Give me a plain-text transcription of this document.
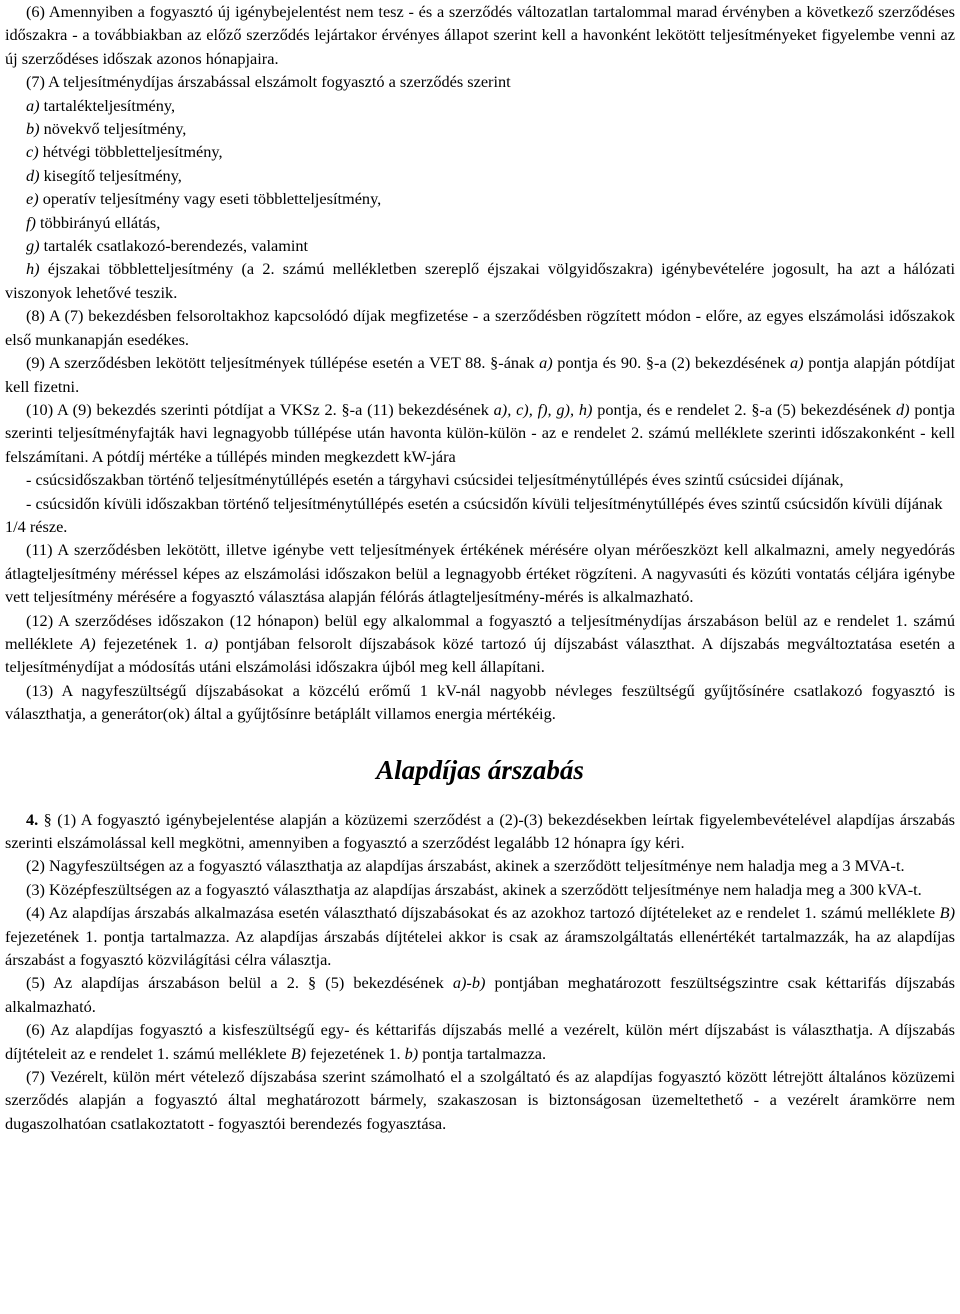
(6) Amennyiben a fogyasztó új igénybejelentést nem tesz - és a szerződés változatlan tartalommal marad érvényben a következő szerződéses időszakra - a továbbiakban az előző szerződés lejártakor érvényes állapot szerint kell a havonként lekötött teljesítményeket figyelembe venni az új szerződéses időszak azonos hónapjaira.

(7) A teljesítménydíjas árszabással elszámolt fogyasztó a szerződés szerint

a) tartalékteljesítmény,
b) növekvő teljesítmény,
c) hétvégi többletteljesítmény,
d) kisegítő teljesítmény,
e) operatív teljesítmény vagy eseti többletteljesítmény,
f) többirányú ellátás,
g) tartalék csatlakozó-berendezés, valamint

h) éjszakai többletteljesítmény (a 2. számú mellékletben szereplő éjszakai völgyidőszakra) igénybevételére jogosult, ha azt a hálózati viszonyok lehetővé teszik.

(8) A (7) bekezdésben felsoroltakhoz kapcsolódó díjak megfizetése - a szerződésben rögzített módon - előre, az egyes elszámolási időszakok első munkanapján esedékes.

(9) A szerződésben lekötött teljesítmények túllépése esetén a VET 88. §-ának a) pontja és 90. §-a (2) bekezdésének a) pontja alapján pótdíjat kell fizetni.

(10) A (9) bekezdés szerinti pótdíjat a VKSz 2. §-a (11) bekezdésének a), c), f), g), h) pontja, és e rendelet 2. §-a (5) bekezdésének d) pontja szerinti teljesítményfajták havi legnagyobb túllépése után havonta külön-külön - az e rendelet 2. számú melléklete szerinti időszakonként - kell felszámítani. A pótdíj mértéke a túllépés minden megkezdett kW-jára

- csúcsidőszakban történő teljesítménytúllépés esetén a tárgyhavi csúcsidei teljesítménytúllépés éves szintű csúcsidei díjának,

- csúcsidőn kívüli időszakban történő teljesítménytúllépés esetén a csúcsidőn kívüli teljesítménytúllépés éves szintű csúcsidőn kívüli díjának

1/4 része.

(11) A szerződésben lekötött, illetve igénybe vett teljesítmények értékének mérésére olyan mérőeszközt kell alkalmazni, amely negyedórás átlagteljesítmény méréssel képes az elszámolási időszakon belül a legnagyobb értéket rögzíteni. A nagyvasúti és közúti vontatás céljára igénybe vett teljesítmény mérésére a fogyasztó választása alapján félórás átlagteljesítmény-mérés is alkalmazható.

(12) A szerződéses időszakon (12 hónapon) belül egy alkalommal a fogyasztó a teljesítménydíjas árszabáson belül az e rendelet 1. számú melléklete A) fejezetének 1. a) pontjában felsorolt díjszabások közé tartozó új díjszabást választhat. A díjszabás megváltoztatása esetén a teljesítménydíjat a módosítás utáni elszámolási időszakra újból meg kell állapítani.

(13) A nagyfeszültségű díjszabásokat a közcélú erőmű 1 kV-nál nagyobb névleges feszültségű gyűjtősínére csatlakozó fogyasztó is választhatja, a generátor(ok) által a gyűjtősínre betáplált villamos energia mértékéig.

Alapdíjas árszabás

4. § (1) A fogyasztó igénybejelentése alapján a közüzemi szerződést a (2)-(3) bekezdésekben leírtak figyelembevételével alapdíjas árszabás szerinti elszámolással kell megkötni, amennyiben a fogyasztó a szerződést legalább 12 hónapra így kéri.

(2) Nagyfeszültségen az a fogyasztó választhatja az alapdíjas árszabást, akinek a szerződött teljesítménye nem haladja meg a 3 MVA-t.

(3) Középfeszültségen az a fogyasztó választhatja az alapdíjas árszabást, akinek a szerződött teljesítménye nem haladja meg a 300 kVA-t.

(4) Az alapdíjas árszabás alkalmazása esetén választható díjszabásokat és az azokhoz tartozó díjtételeket az e rendelet 1. számú melléklete B) fejezetének 1. pontja tartalmazza. Az alapdíjas árszabás díjtételei akkor is csak az áramszolgáltatás ellenértékét tartalmazzák, ha az alapdíjas árszabást a fogyasztó közvilágítási célra választja.

(5) Az alapdíjas árszabáson belül a 2. § (5) bekezdésének a)-b) pontjában meghatározott feszültségszintre csak kéttarifás díjszabás alkalmazható.

(6) Az alapdíjas fogyasztó a kisfeszültségű egy- és kéttarifás díjszabás mellé a vezérelt, külön mért díjszabást is választhatja. A díjszabás díjtételeit az e rendelet 1. számú melléklete B) fejezetének 1. b) pontja tartalmazza.

(7) Vezérelt, külön mért vételező díjszabása szerint számolható el a szolgáltató és az alapdíjas fogyasztó között létrejött általános közüzemi szerződés alapján a fogyasztó által meghatározott bármely, szakaszosan is biztonságosan üzemeltethető - a vezérelt áramkörre nem dugaszolhatóan csatlakoztatott - fogyasztói berendezés fogyasztása.
